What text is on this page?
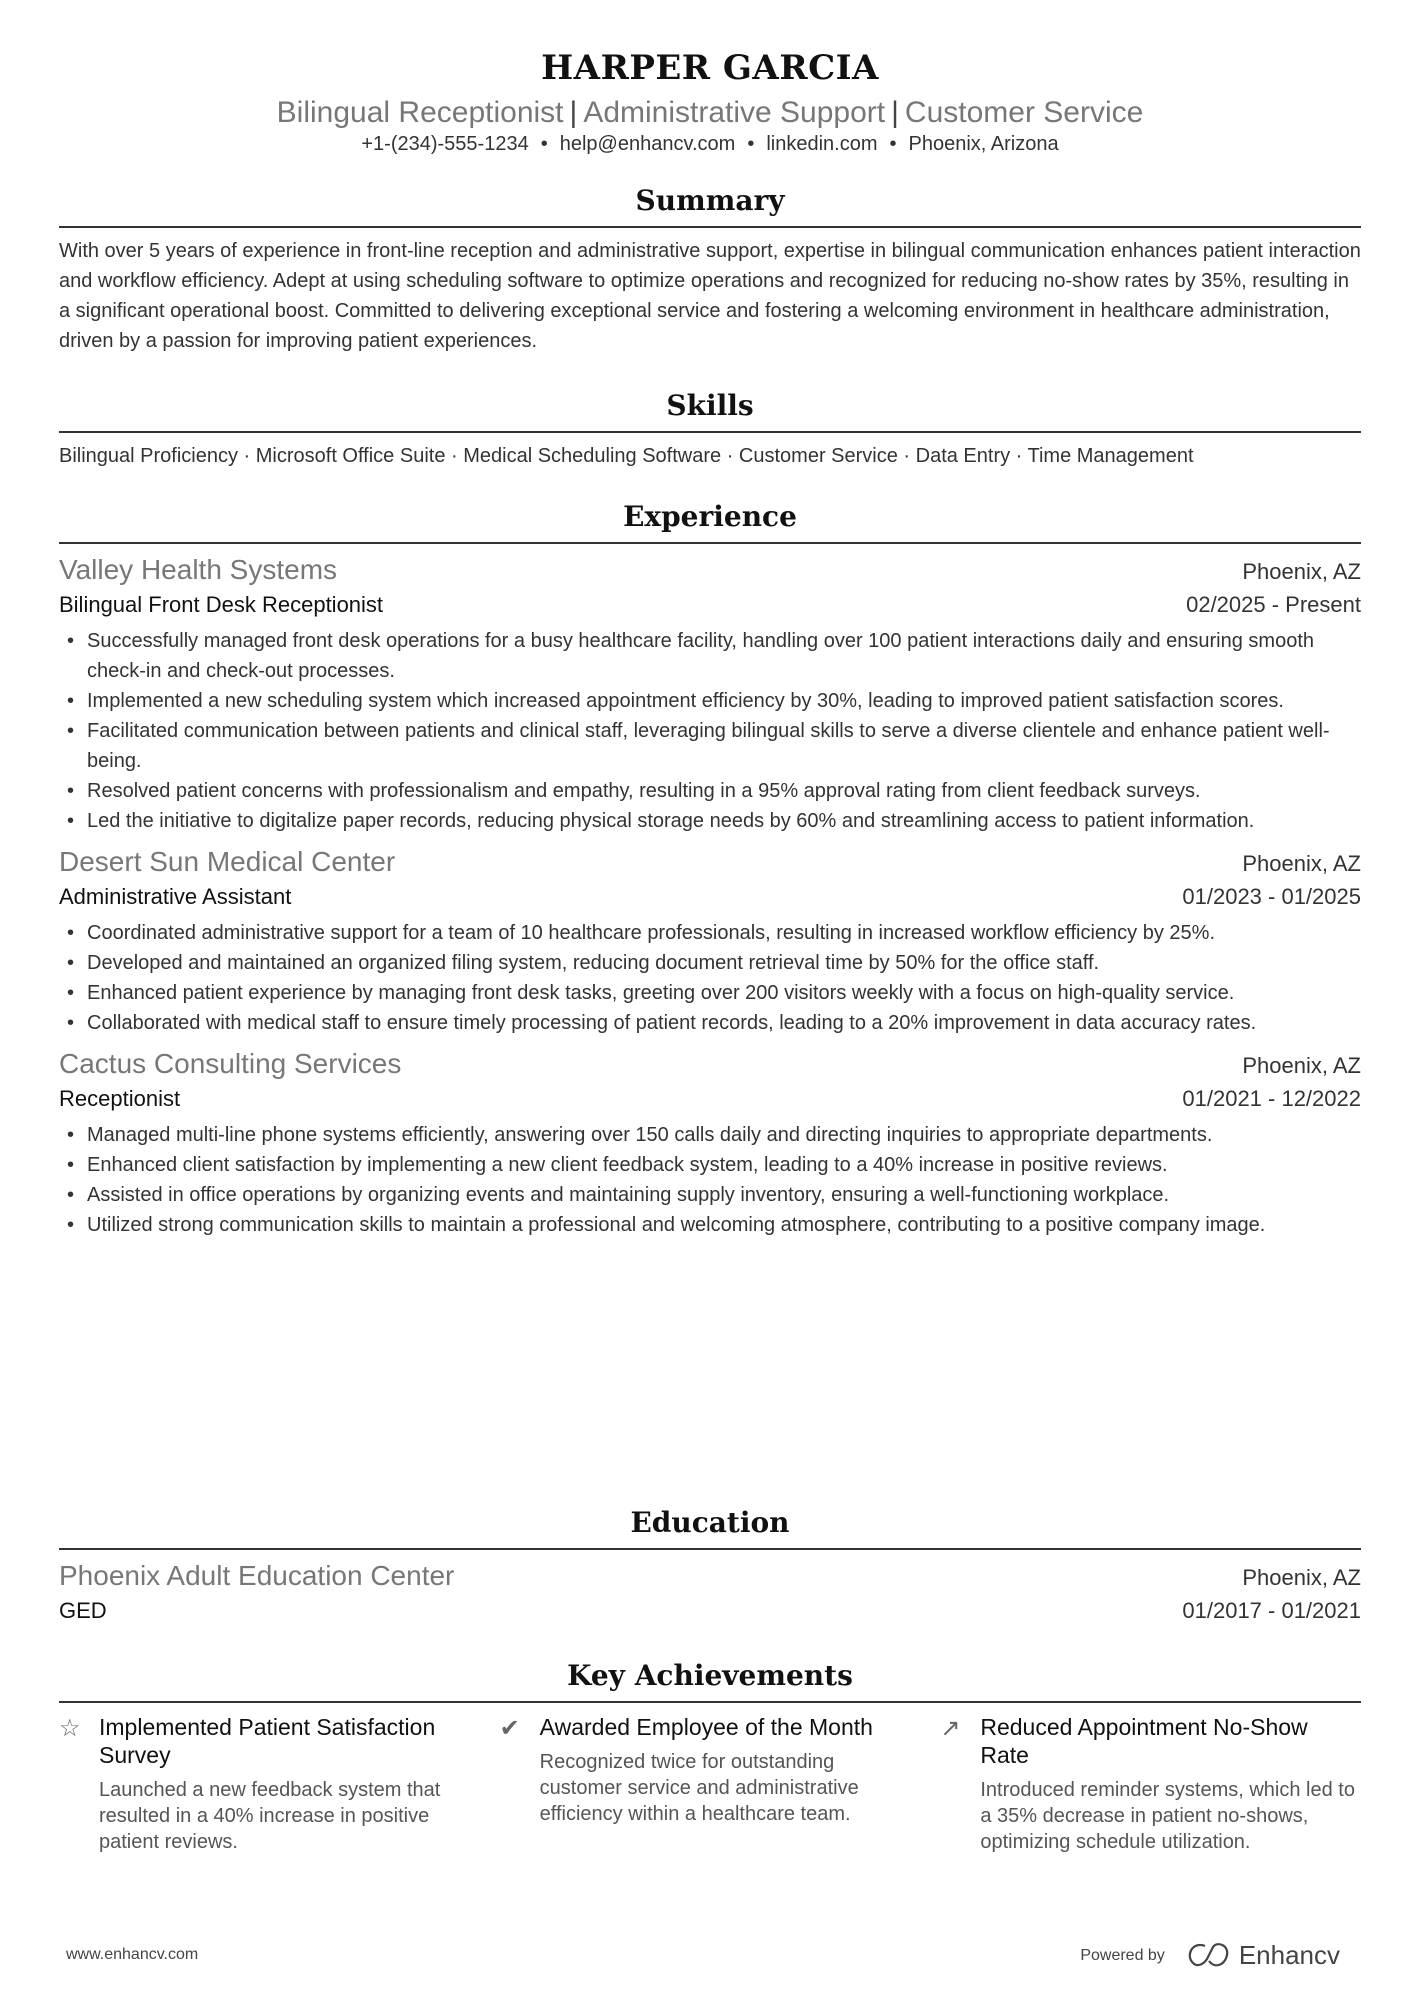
HARPER GARCIA
Bilingual Receptionist | Administrative Support | Customer Service
+1-(234)-555-1234 • help@enhancv.com • linkedin.com • Phoenix, Arizona
Summary
With over 5 years of experience in front-line reception and administrative support, expertise in bilingual communication enhances patient interaction and workflow efficiency. Adept at using scheduling software to optimize operations and recognized for reducing no-show rates by 35%, resulting in a significant operational boost. Committed to delivering exceptional service and fostering a welcoming environment in healthcare administration, driven by a passion for improving patient experiences.
Skills
Bilingual Proficiency · Microsoft Office Suite · Medical Scheduling Software · Customer Service · Data Entry · Time Management
Experience
Valley Health Systems	Phoenix, AZ
Bilingual Front Desk Receptionist	02/2025 - Present
• Successfully managed front desk operations for a busy healthcare facility, handling over 100 patient interactions daily and ensuring smooth check-in and check-out processes.
• Implemented a new scheduling system which increased appointment efficiency by 30%, leading to improved patient satisfaction scores.
• Facilitated communication between patients and clinical staff, leveraging bilingual skills to serve a diverse clientele and enhance patient well-being.
• Resolved patient concerns with professionalism and empathy, resulting in a 95% approval rating from client feedback surveys.
• Led the initiative to digitalize paper records, reducing physical storage needs by 60% and streamlining access to patient information.
Desert Sun Medical Center	Phoenix, AZ
Administrative Assistant	01/2023 - 01/2025
• Coordinated administrative support for a team of 10 healthcare professionals, resulting in increased workflow efficiency by 25%.
• Developed and maintained an organized filing system, reducing document retrieval time by 50% for the office staff.
• Enhanced patient experience by managing front desk tasks, greeting over 200 visitors weekly with a focus on high-quality service.
• Collaborated with medical staff to ensure timely processing of patient records, leading to a 20% improvement in data accuracy rates.
Cactus Consulting Services	Phoenix, AZ
Receptionist	01/2021 - 12/2022
• Managed multi-line phone systems efficiently, answering over 150 calls daily and directing inquiries to appropriate departments.
• Enhanced client satisfaction by implementing a new client feedback system, leading to a 40% increase in positive reviews.
• Assisted in office operations by organizing events and maintaining supply inventory, ensuring a well-functioning workplace.
• Utilized strong communication skills to maintain a professional and welcoming atmosphere, contributing to a positive company image.
Education
Phoenix Adult Education Center	Phoenix, AZ
GED	01/2017 - 01/2021
Key Achievements
☆ Implemented Patient Satisfaction Survey
Launched a new feedback system that resulted in a 40% increase in positive patient reviews.
✔ Awarded Employee of the Month
Recognized twice for outstanding customer service and administrative efficiency within a healthcare team.
↗ Reduced Appointment No-Show Rate
Introduced reminder systems, which led to a 35% decrease in patient no-shows, optimizing schedule utilization.
www.enhancv.com	Powered by	Enhancv
